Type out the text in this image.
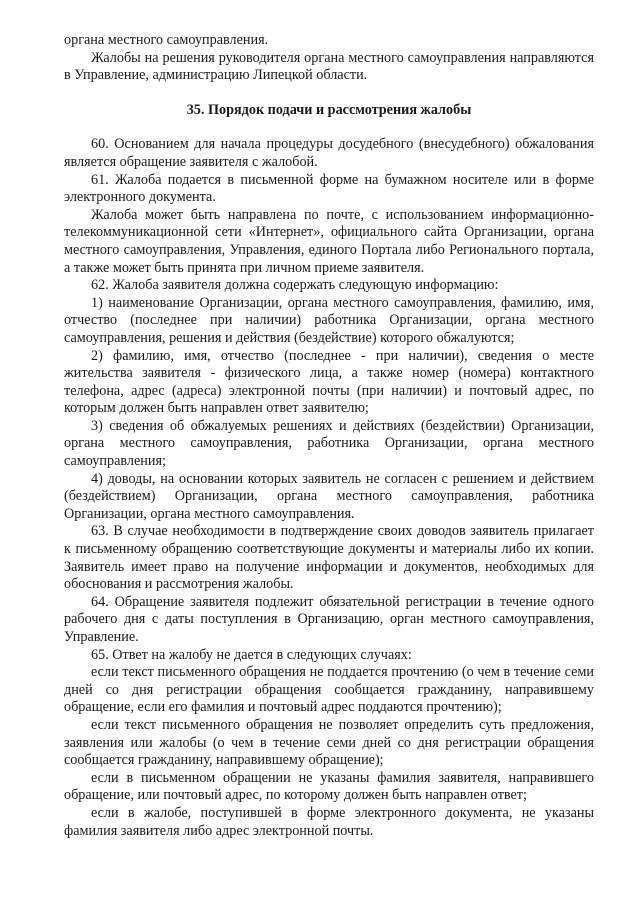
органа местного самоуправления.

Жалобы на решения руководителя органа местного самоуправления направляются в Управление, администрацию Липецкой области.

35. Порядок подачи и рассмотрения жалобы

60. Основанием для начала процедуры досудебного (внесудебного) обжалования является обращение заявителя с жалобой.

61. Жалоба подается в письменной форме на бумажном носителе или в форме электронного документа.

Жалоба может быть направлена по почте, с использованием информационно-телекоммуникационной сети «Интернет», официального сайта Организации, органа местного самоуправления, Управления, единого Портала либо Регионального портала, а также может быть принята при личном приеме заявителя.

62. Жалоба заявителя должна содержать следующую информацию:

1) наименование Организации, органа местного самоуправления, фамилию, имя, отчество (последнее при наличии) работника Организации, органа местного самоуправления, решения и действия (бездействие) которого обжалуются;

2) фамилию, имя, отчество (последнее - при наличии), сведения о месте жительства заявителя - физического лица, а также номер (номера) контактного телефона, адрес (адреса) электронной почты (при наличии) и почтовый адрес, по которым должен быть направлен ответ заявителю;

3) сведения об обжалуемых решениях и действиях (бездействии) Организации, органа местного самоуправления, работника Организации, органа местного самоуправления;

4) доводы, на основании которых заявитель не согласен с решением и действием (бездействием) Организации, органа местного самоуправления, работника Организации, органа местного самоуправления.

63. В случае необходимости в подтверждение своих доводов заявитель прилагает к письменному обращению соответствующие документы и материалы либо их копии. Заявитель имеет право на получение информации и документов, необходимых для обоснования и рассмотрения жалобы.

64. Обращение заявителя подлежит обязательной регистрации в течение одного рабочего дня с даты поступления в Организацию, орган местного самоуправления, Управление.

65. Ответ на жалобу не дается в следующих случаях:

если текст письменного обращения не поддается прочтению (о чем в течение семи дней со дня регистрации обращения сообщается гражданину, направившему обращение, если его фамилия и почтовый адрес поддаются прочтению);

если текст письменного обращения не позволяет определить суть предложения, заявления или жалобы (о чем в течение семи дней со дня регистрации обращения сообщается гражданину, направившему обращение);

если в письменном обращении не указаны фамилия заявителя, направившего обращение, или почтовый адрес, по которому должен быть направлен ответ;

если в жалобе, поступившей в форме электронного документа, не указаны фамилия заявителя либо адрес электронной почты.
